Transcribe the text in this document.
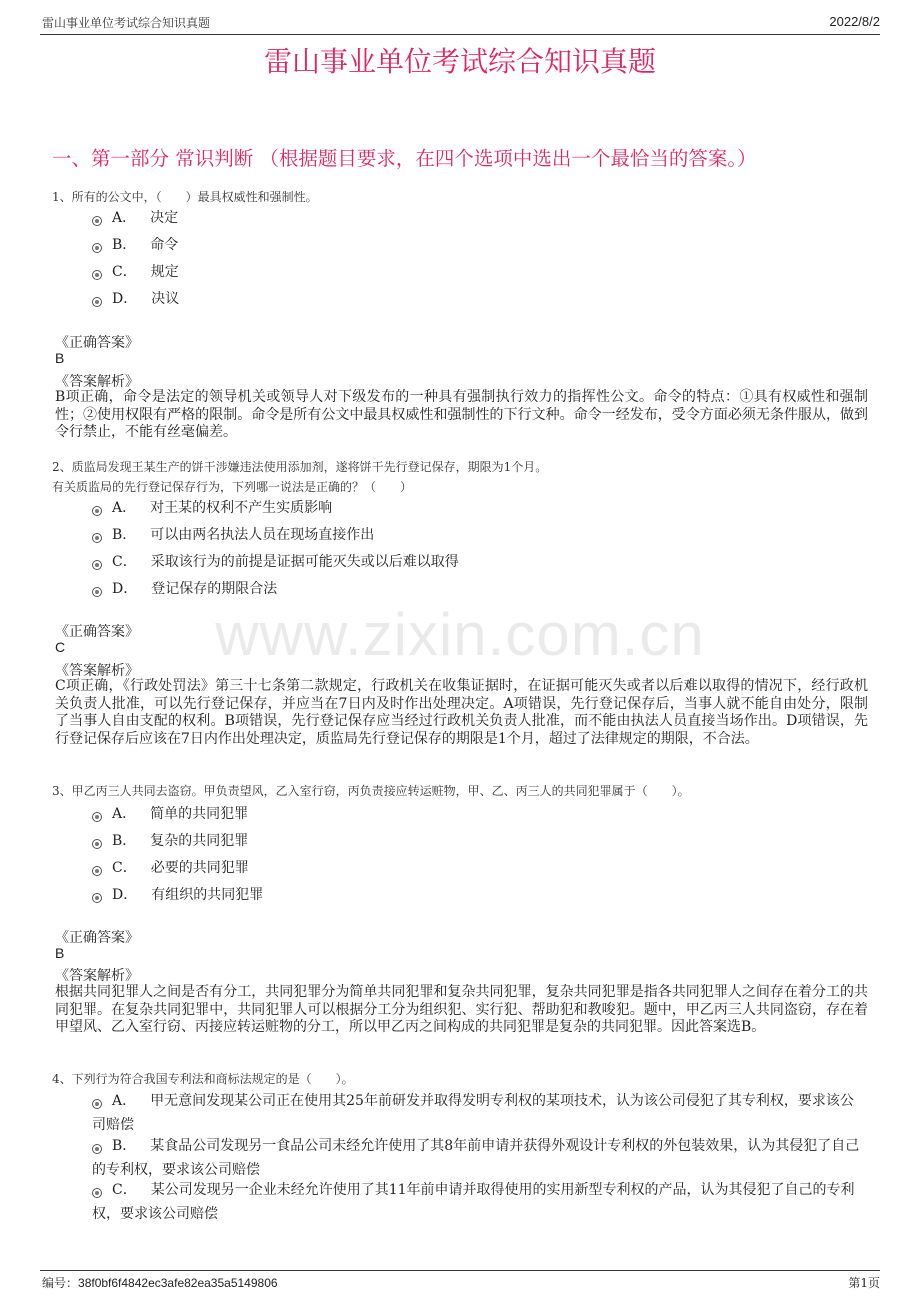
雷山事业单位考试综合知识真题	2022/8/2
雷山事业单位考试综合知识真题
一、第一部分 常识判断 （根据题目要求，在四个选项中选出一个最恰当的答案。）
www.zixin.com.cn
1、所有的公文中，（　　）最具权威性和强制性。
A． 决定
B． 命令
C． 规定
D． 决议
《正确答案》
B
《答案解析》
B项正确，命令是法定的领导机关或领导人对下级发布的一种具有强制执行效力的指挥性公文。命令的特点：①具有权威性和强制性；②使用权限有严格的限制。命令是所有公文中最具权威性和强制性的下行文种。命令一经发布，受令方面必须无条件服从，做到令行禁止，不能有丝毫偏差。
2、质监局发现王某生产的饼干涉嫌违法使用添加剂，遂将饼干先行登记保存，期限为1个月。
有关质监局的先行登记保存行为，下列哪一说法是正确的？（　　）
A． 对王某的权利不产生实质影响
B． 可以由两名执法人员在现场直接作出
C． 采取该行为的前提是证据可能灭失或以后难以取得
D． 登记保存的期限合法
《正确答案》
C
《答案解析》
C项正确，《行政处罚法》第三十七条第二款规定，行政机关在收集证据时，在证据可能灭失或者以后难以取得的情况下，经行政机关负责人批准，可以先行登记保存，并应当在7日内及时作出处理决定。A项错误，先行登记保存后，当事人就不能自由处分，限制了当事人自由支配的权利。B项错误，先行登记保存应当经过行政机关负责人批准，而不能由执法人员直接当场作出。D项错误，先行登记保存后应该在7日内作出处理决定，质监局先行登记保存的期限是1个月，超过了法律规定的期限，不合法。
3、甲乙丙三人共同去盗窃。甲负责望风，乙入室行窃，丙负责接应转运赃物，甲、乙、丙三人的共同犯罪属于（　　）。
A． 简单的共同犯罪
B． 复杂的共同犯罪
C． 必要的共同犯罪
D． 有组织的共同犯罪
《正确答案》
B
《答案解析》
根据共同犯罪人之间是否有分工，共同犯罪分为简单共同犯罪和复杂共同犯罪，复杂共同犯罪是指各共同犯罪人之间存在着分工的共同犯罪。在复杂共同犯罪中，共同犯罪人可以根据分工分为组织犯、实行犯、帮助犯和教唆犯。题中，甲乙丙三人共同盗窃，存在着甲望风、乙入室行窃、丙接应转运赃物的分工，所以甲乙丙之间构成的共同犯罪是复杂的共同犯罪。因此答案选B。
4、下列行为符合我国专利法和商标法规定的是（　　）。
A． 甲无意间发现某公司正在使用其25年前研发并取得发明专利权的某项技术，认为该公司侵犯了其专利权，要求该公司赔偿
B． 某食品公司发现另一食品公司未经允许使用了其8年前申请并获得外观设计专利权的外包装效果，认为其侵犯了自己的专利权，要求该公司赔偿
C． 某公司发现另一企业未经允许使用了其11年前申请并取得使用的实用新型专利权的产品，认为其侵犯了自己的专利权，要求该公司赔偿
编号：38f0bf6f4842ec3afe82ea35a5149806	第1页
